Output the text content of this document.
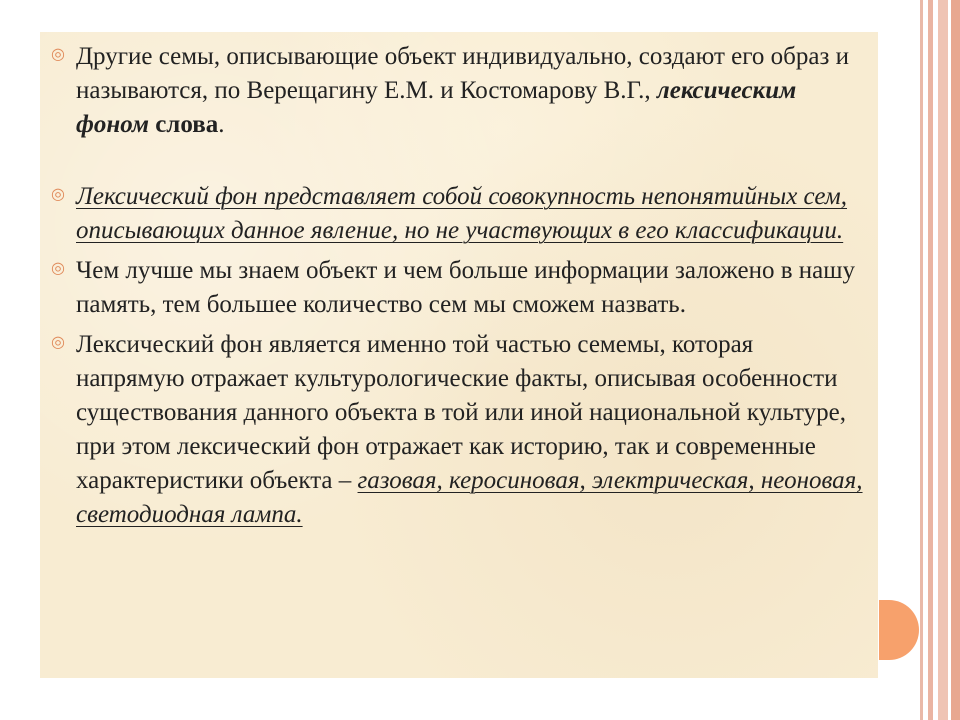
◎ Другие семы, описывающие объект индивидуально, создают его образ и называются, по Верещагину Е.М. и Костомарову В.Г., лексическим фоном слова.
◎ Лексический фон представляет собой совокупность непонятийных сем, описывающих данное явление, но не участвующих в его классификации.
◎ Чем лучше мы знаем объект и чем больше информации заложено в нашу память, тем большее количество сем мы сможем назвать.
◎ Лексический фон является именно той частью семемы, которая напрямую отражает культурологические факты, описывая особенности существования данного объекта в той или иной национальной культуре, при этом лексический фон отражает как историю, так и современные характеристики объекта – газовая, керосиновая, электрическая, неоновая, светодиодная лампа.
